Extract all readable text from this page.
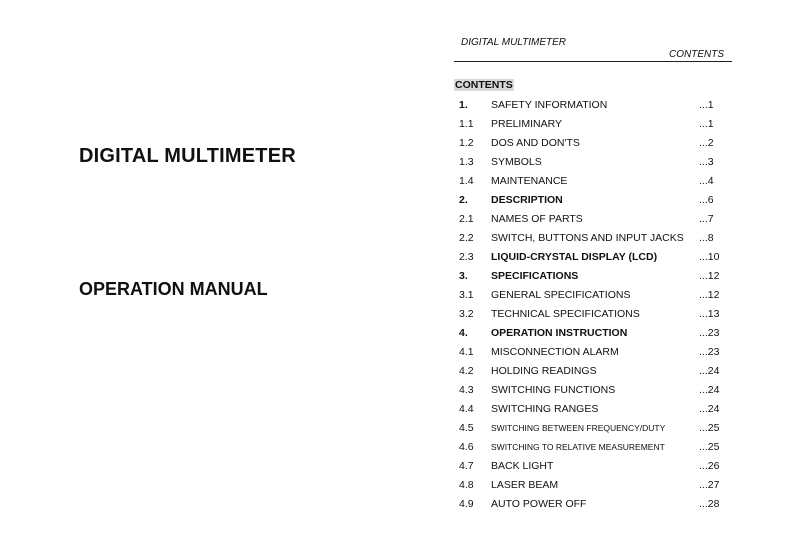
DIGITAL MULTIMETER
OPERATION MANUAL
DIGITAL MULTIMETER
CONTENTS
CONTENTS
1. SAFETY INFORMATION	...1
1.1 PRELIMINARY	...1
1.2 DOS AND DON'TS	...2
1.3 SYMBOLS	...3
1.4 MAINTENANCE	...4
2. DESCRIPTION	...6
2.1 NAMES OF PARTS	...7
2.2 SWITCH, BUTTONS AND INPUT JACKS ...8
2.3 LIQUID-CRYSTAL DISPLAY (LCD)	...10
3. SPECIFICATIONS	...12
3.1 GENERAL SPECIFICATIONS	...12
3.2 TECHNICAL SPECIFICATIONS	...13
4. OPERATION INSTRUCTION	...23
4.1 MISCONNECTION ALARM	...23
4.2 HOLDING READINGS	...24
4.3 SWITCHING FUNCTIONS	...24
4.4 SWITCHING RANGES	...24
4.5 SWITCHING BETWEEN FREQUENCY/DUTY	...25
4.6 SWITCHING TO RELATIVE MEASUREMENT	...25
4.7 BACK LIGHT	...26
4.8 LASER BEAM	...27
4.9 AUTO POWER OFF	...28
